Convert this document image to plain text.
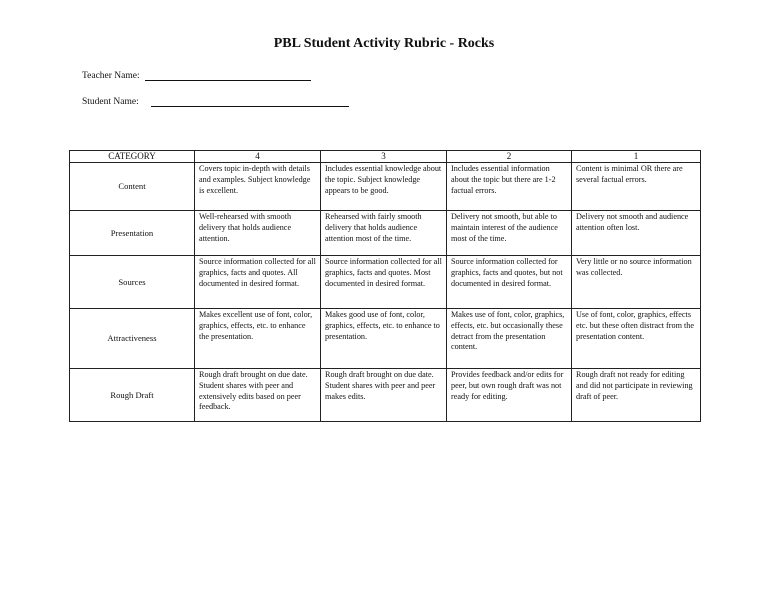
PBL Student Activity Rubric - Rocks
Teacher Name:
Student Name:
CATEGORY	4	3	2	1
Content	Covers topic in-depth with details and examples. Subject knowledge is excellent.	Includes essential knowledge about the topic. Subject knowledge appears to be good.	Includes essential information about the topic but there are 1-2 factual errors.	Content is minimal OR there are several factual errors.
Presentation	Well-rehearsed with smooth delivery that holds audience attention.	Rehearsed with fairly smooth delivery that holds audience attention most of the time.	Delivery not smooth, but able to maintain interest of the audience most of the time.	Delivery not smooth and audience attention often lost.
Sources	Source information collected for all graphics, facts and quotes. All documented in desired format.	Source information collected for all graphics, facts and quotes. Most documented in desired format.	Source information collected for graphics, facts and quotes, but not documented in desired format.	Very little or no source information was collected.
Attractiveness	Makes excellent use of font, color, graphics, effects, etc. to enhance the presentation.	Makes good use of font, color, graphics, effects, etc. to enhance to presentation.	Makes use of font, color, graphics, effects, etc. but occasionally these detract from the presentation content.	Use of font, color, graphics, effects etc. but these often distract from the presentation content.
Rough Draft	Rough draft brought on due date. Student shares with peer and extensively edits based on peer feedback.	Rough draft brought on due date. Student shares with peer and peer makes edits.	Provides feedback and/or edits for peer, but own rough draft was not ready for editing.	Rough draft not ready for editing and did not participate in reviewing draft of peer.
